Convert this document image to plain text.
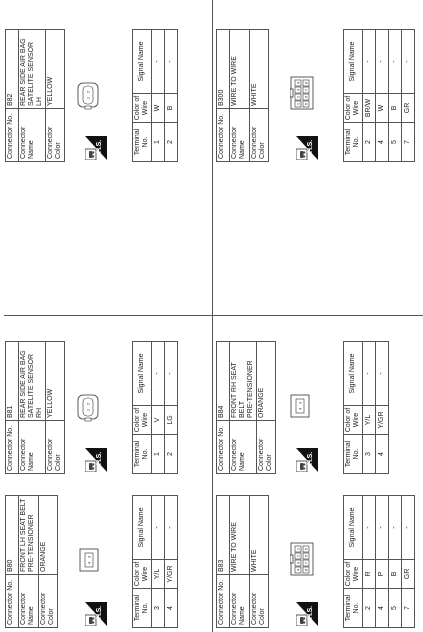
Connector No.	B80
Connector Name	FRONT LH SEAT BELT
PRE-TENSIONER
Connector Color	ORANGE
H.S.
4
3
Terminal No.	Color of
Wire	Signal Name
3	Y/L	-
4	Y/GR	-
Connector No.	B81
Connector Name	REAR SIDE AIR BAG
SATELITE SENSOR RH
Connector Color	YELLOW
H.S.
1
2
Terminal No.	Color of
Wire	Signal Name
1	V	-
2	LG	-
Connector No.	B82
Connector Name	REAR SIDE AIR BAG
SATELITE SENSOR LH
Connector Color	YELLOW
H.S.
1
2
Terminal No.	Color of
Wire	Signal Name
1	W	-
2	B	-
Connector No.	B83
Connector Name	WIRE TO WIRE
Connector Color	WHITE
H.S.
4
3
2
1
8
7
6
5
Terminal No.	Color of
Wire	Signal Name
2	R	-
4	P	-
5	B	-
7	GR	-
Connector No.	B84
Connector Name	FRONT RH SEAT BELT
PRE-TENSIONER
Connector Color	ORANGE
H.S.
4
3
Terminal No.	Color of
Wire	Signal Name
3	Y/L	-
4	Y/GR	-
Connector No.	B300
Connector Name	WIRE TO WIRE
Connector Color	WHITE
H.S.
1
2
3
4
5
6
7
8
Terminal No.	Color of
Wire	Signal Name
2	BR/W	-
4	W	-
5	B	-
7	GR	-
